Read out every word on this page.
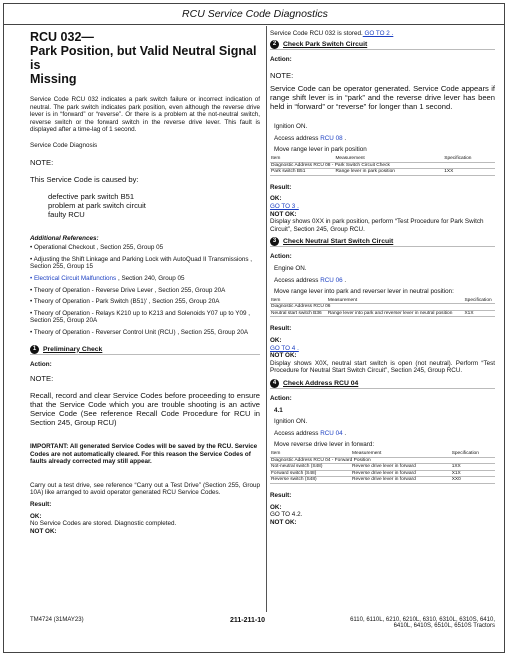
RCU Service Code Diagnostics
RCU 032—
Park Position, but Valid Neutral Signal is
Missing

Service Code RCU 032 indicates a park switch failure or incorrect indication of neutral. The park switch indicates park position, even although the reverse drive lever is in “forward” or “reverse”. Or there is a problem at the not-neutral switch, reverse switch or the forward switch in the reverse drive lever. This fault is displayed after a time-lag of 1 second.

Service Code Diagnosis

NOTE:

This Service Code is caused by:

defective park switch B51

problem at park switch circuit

faulty RCU

Additional References:

• Operational Checkout , Section 255, Group 05

• Adjusting the Shift Linkage and Parking Lock with AutoQuad II Transmissions , Section 255, Group 15

• Electrical Circuit Malfunctions , Section 240, Group 05

• Theory of Operation - Reverse Drive Lever , Section 255, Group 20A

• Theory of Operation - Park Switch (B51)' , Section 255, Group 20A

• Theory of Operation - Relays K210 up to K213 and Solenoids Y07 up to Y09 , Section 255, Group 20A

• Theory of Operation - Reverser Control Unit (RCU) , Section 255, Group 20A

1	Preliminary Check

Action:

NOTE:

Recall, record and clear Service Codes before proceeding to ensure that the Service Code which you are trouble shooting is an active Service Code (See reference Recall Code Procedure for RCU in Section 245, Group RCU)

IMPORTANT: All generated Service Codes will be saved by the RCU. Service Codes are not automatically cleared. For this reason the Service Codes of faults already corrected may still appear.

Carry out a test drive, see reference “Carry out a Test Drive” (Section 255, Group 10A) like arranged to avoid operator generated RCU Service Codes.

Result:

OK:

No Service Codes are stored. Diagnostic completed.

NOT OK:

Service Code RCU 032 is stored. GO TO 2 .

2	Check Park Switch Circuit

Action:

NOTE:

Service Code can be operator generated. Service Code appears if range shift lever is in “park” and the reverse drive lever has been held in “forward” or “reverse” for longer than 1 second.

Ignition ON.

Access address RCU 08 .

Move range lever in park position

Item	Measurement	Specification
Diagnostic Address RCU 08 - Park Switch Circuit Check		
Park switch B51	Range lever in park position	1XX

Result:

OK:

GO TO 3 .

NOT OK:

Display shows 0XX in park position, perform “Test Procedure for Park Switch Circuit”, Section 245, Group RCU.

3	Check Neutral Start Switch Circuit

Action:

Engine ON.

Access address RCU 06 .

Move range lever into park and reverser lever in neutral position:

Item	Measurement	Specification
Diagnostic Address RCU 06		
Neutral start switch B36	Range lever into park and reverser lever in neutral position	X1X

Result:

OK:

GO TO 4 .

NOT OK:

Display shows X0X, neutral start switch is open (not neutral). Perform “Test Procedure for Neutral Start Switch Circuit”, Section 245, Group RCU.

4	Check Address RCU 04

Action:

4.1

Ignition ON.

Access address RCU 04 .

Move reverse drive lever in forward:

Item	Measurement	Specification
Diagnostic Address RCU 04 - Forward Position		
Not-neutral switch (S48)	Reverse drive lever in forward	1XX
Forward switch (S48)	Reverse drive lever in forward	X1X
Reverse switch (S48)	Reverse drive lever in forward	XX0

Result:

OK:

GO TO 4.2.

NOT OK:

TM4724 (31MAY23)	211-211-10	6110, 6110L, 6210, 6210L, 6310, 6310L, 6310S, 6410,
6410L, 6410S, 6510L, 6510S Tractors
